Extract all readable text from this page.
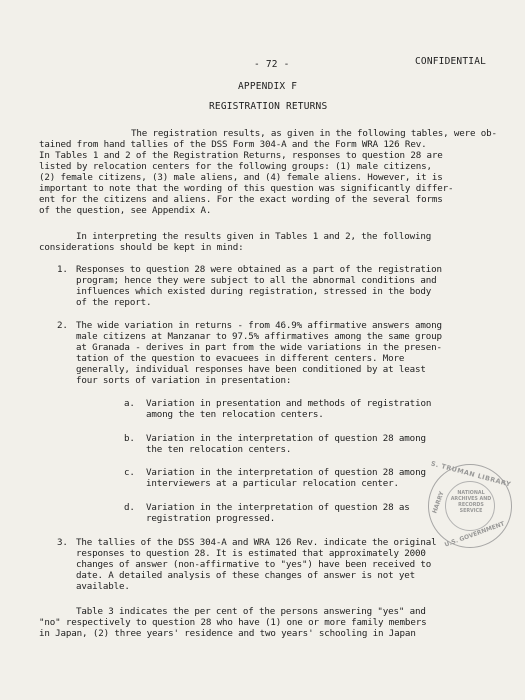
- 72 -	CONFIDENTIAL
APPENDIX F
REGISTRATION RETURNS
The registration results, as given in the following tables, were ob-
tained from hand tallies of the DSS Form 304-A and the Form WRA 126 Rev.
In Tables 1 and 2 of the Registration Returns, responses to question 28 are
listed by relocation centers for the following groups: (1) male citizens,
(2) female citizens, (3) male aliens, and (4) female aliens. However, it is
important to note that the wording of this question was significantly differ-
ent for the citizens and aliens. For the exact wording of the several forms
of the question, see Appendix A.
In interpreting the results given in Tables 1 and 2, the following
considerations should be kept in mind:
1. Responses to question 28 were obtained as a part of the registration
program; hence they were subject to all the abnormal conditions and
influences which existed during registration, stressed in the body
of the report.
2. The wide variation in returns - from 46.9% affirmative answers among
male citizens at Manzanar to 97.5% affirmatives among the same group
at Granada - derives in part from the wide variations in the presen-
tation of the question to evacuees in different centers. More
generally, individual responses have been conditioned by at least
four sorts of variation in presentation:
a. Variation in presentation and methods of registration
among the ten relocation centers.
b. Variation in the interpretation of question 28 among
the ten relocation centers.
c. Variation in the interpretation of question 28 among
interviewers at a particular relocation center.
d. Variation in the interpretation of question 28 as
registration progressed.
3. The tallies of the DSS 304-A and WRA 126 Rev. indicate the original
responses to question 28. It is estimated that approximately 2000
changes of answer (non-affirmative to "yes") have been received to
date. A detailed analysis of these changes of answer is not yet
available.
Table 3 indicates the per cent of the persons answering "yes" and
"no" respectively to question 28 who have (1) one or more family members
in Japan, (2) three years' residence and two years' schooling in Japan
S. TRUMAN LIBRARY
HARRY
U.S. GOVERNMENT
NATIONAL
ARCHIVES AND
RECORDS
SERVICE
